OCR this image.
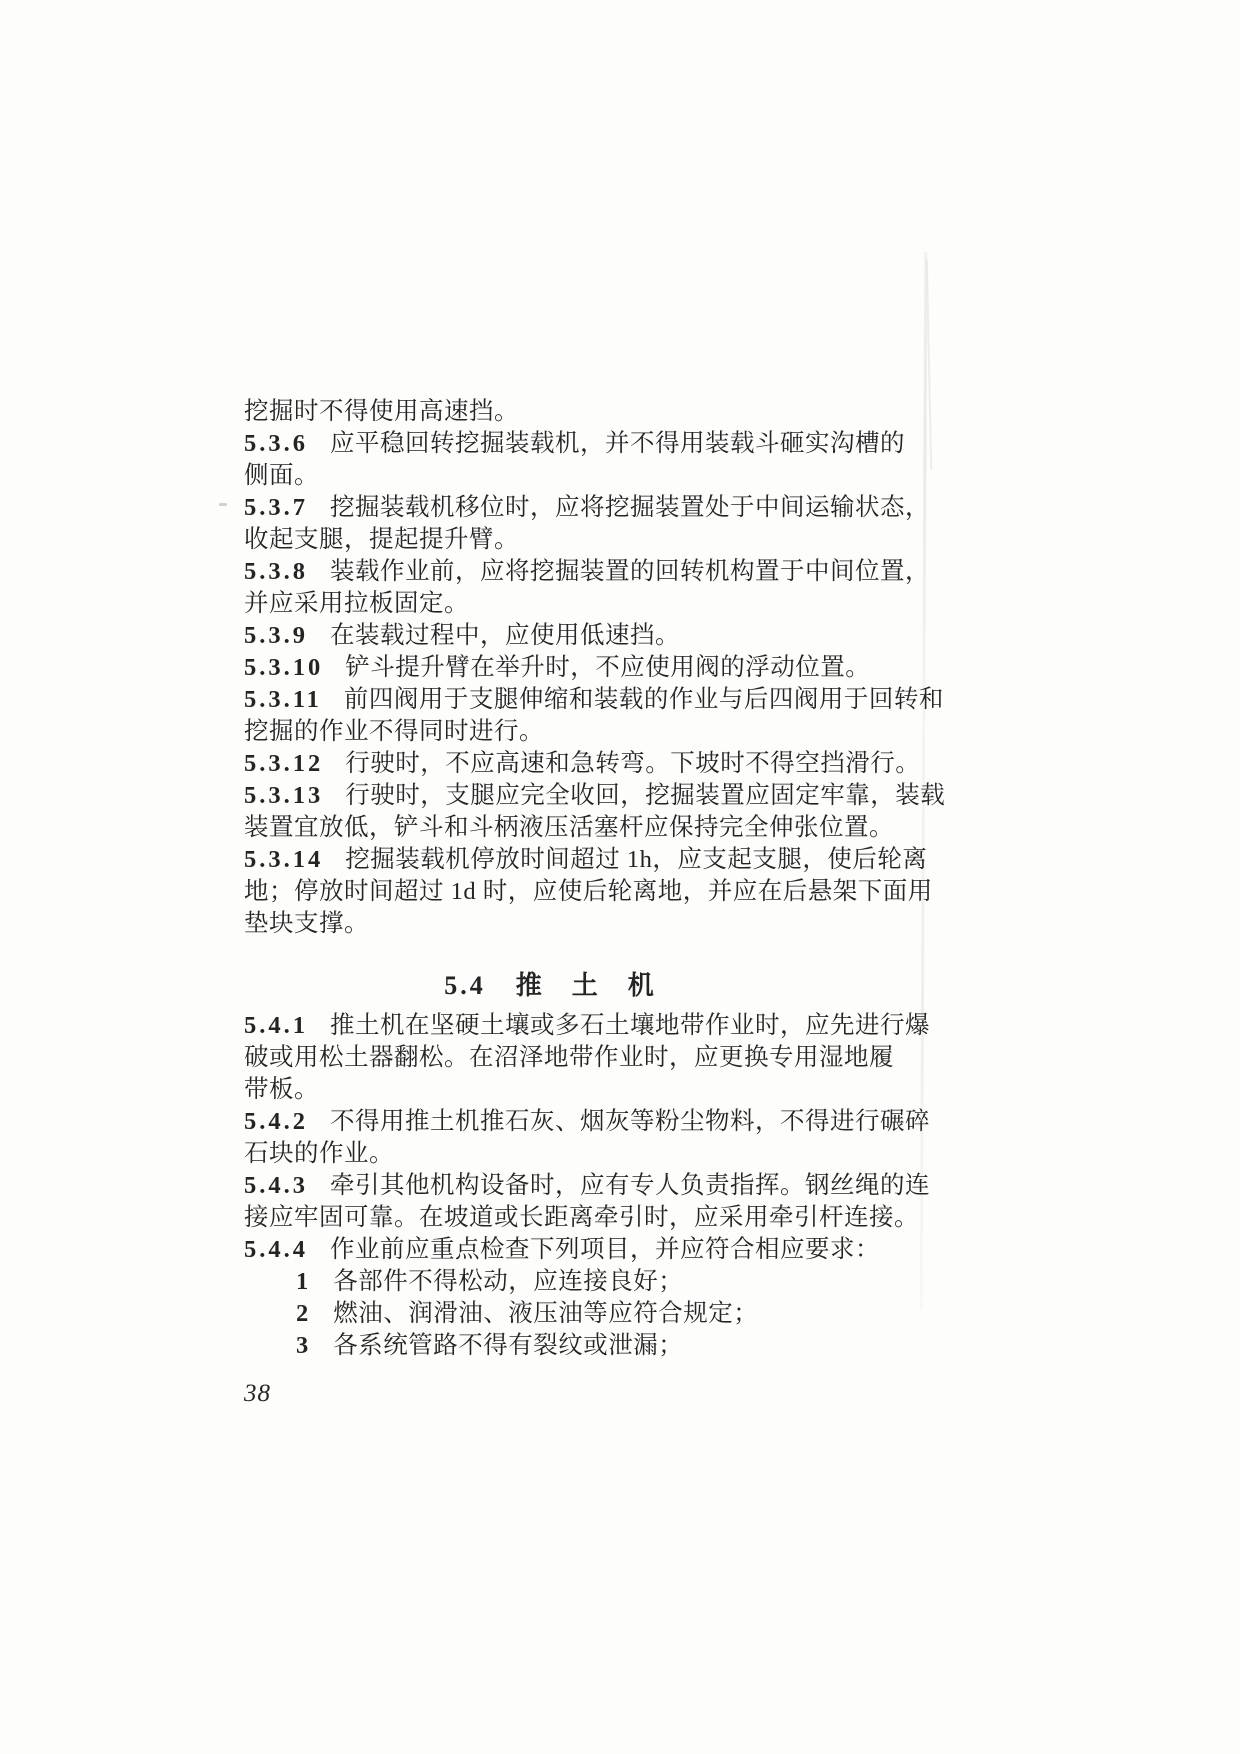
挖掘时不得使用高速挡。
5.3.6 应平稳回转挖掘装载机，并不得用装载斗砸实沟槽的
侧面。
5.3.7 挖掘装载机移位时，应将挖掘装置处于中间运输状态，
收起支腿，提起提升臂。
5.3.8 装载作业前，应将挖掘装置的回转机构置于中间位置，
并应采用拉板固定。
5.3.9 在装载过程中，应使用低速挡。
5.3.10 铲斗提升臂在举升时，不应使用阀的浮动位置。
5.3.11 前四阀用于支腿伸缩和装载的作业与后四阀用于回转和
挖掘的作业不得同时进行。
5.3.12 行驶时，不应高速和急转弯。下坡时不得空挡滑行。
5.3.13 行驶时，支腿应完全收回，挖掘装置应固定牢靠，装载
装置宜放低，铲斗和斗柄液压活塞杆应保持完全伸张位置。
5.3.14 挖掘装载机停放时间超过 1h，应支起支腿，使后轮离
地；停放时间超过 1d 时，应使后轮离地，并应在后悬架下面用
垫块支撑。
5.4 推　土　机
5.4.1 推土机在坚硬土壤或多石土壤地带作业时，应先进行爆
破或用松土器翻松。在沼泽地带作业时，应更换专用湿地履
带板。
5.4.2 不得用推土机推石灰、烟灰等粉尘物料，不得进行碾碎
石块的作业。
5.4.3 牵引其他机构设备时，应有专人负责指挥。钢丝绳的连
接应牢固可靠。在坡道或长距离牵引时，应采用牵引杆连接。
5.4.4 作业前应重点检查下列项目，并应符合相应要求：
1 各部件不得松动，应连接良好；
2 燃油、润滑油、液压油等应符合规定；
3 各系统管路不得有裂纹或泄漏；
38
